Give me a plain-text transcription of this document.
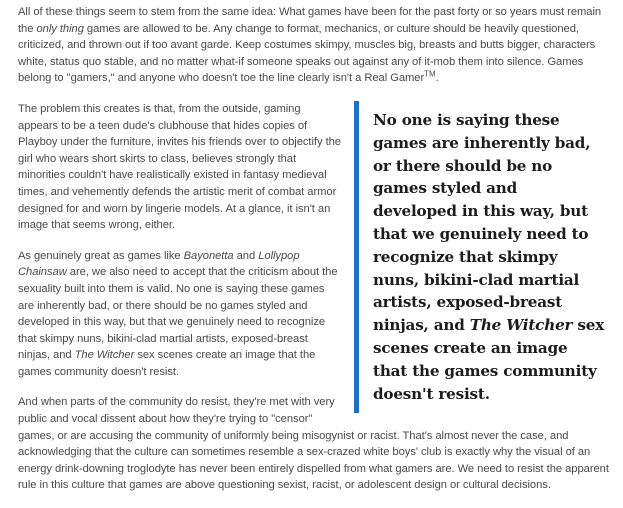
All of these things seem to stem from the same idea: What games have been for the past forty or so years must remain the only thing games are allowed to be. Any change to format, mechanics, or culture should be heavily questioned, criticized, and thrown out if too avant garde. Keep costumes skimpy, muscles big, breasts and butts bigger, characters white, status quo stable, and no matter what-if someone speaks out against any of it-mob them into silence. Games belong to "gamers," and anyone who doesn't toe the line clearly isn't a Real Gamer™.

No one is saying these games are inherently bad, or there should be no games styled and developed in this way, but that we genuinely need to recognize that skimpy nuns, bikini-clad martial artists, exposed-breast ninjas, and The Witcher sex scenes create an image that the games community doesn't resist.

The problem this creates is that, from the outside, gaming appears to be a teen dude's clubhouse that hides copies of Playboy under the furniture, invites his friends over to objectify the girl who wears short skirts to class, believes strongly that minorities couldn't have realistically existed in fantasy medieval times, and vehemently defends the artistic merit of combat armor designed for and worn by lingerie models. At a glance, it isn't an image that seems wrong, either.

As genuinely great as games like Bayonetta and Lollypop Chainsaw are, we also need to accept that the criticism about the sexuality built into them is valid. No one is saying these games are inherently bad, or there should be no games styled and developed in this way, but that we genuinely need to recognize that skimpy nuns, bikini-clad martial artists, exposed-breast ninjas, and The Witcher sex scenes create an image that the games community doesn't resist.

And when parts of the community do resist, they're met with very public and vocal dissent about how they're trying to "censor" games, or are accusing the community of uniformly being misogynist or racist. That's almost never the case, and acknowledging that the culture can sometimes resemble a sex-crazed white boys' club is exactly why the visual of an energy drink-downing troglodyte has never been entirely dispelled from what gamers are. We need to resist the apparent rule in this culture that games are above questioning sexist, racist, or adolescent design or cultural decisions.
